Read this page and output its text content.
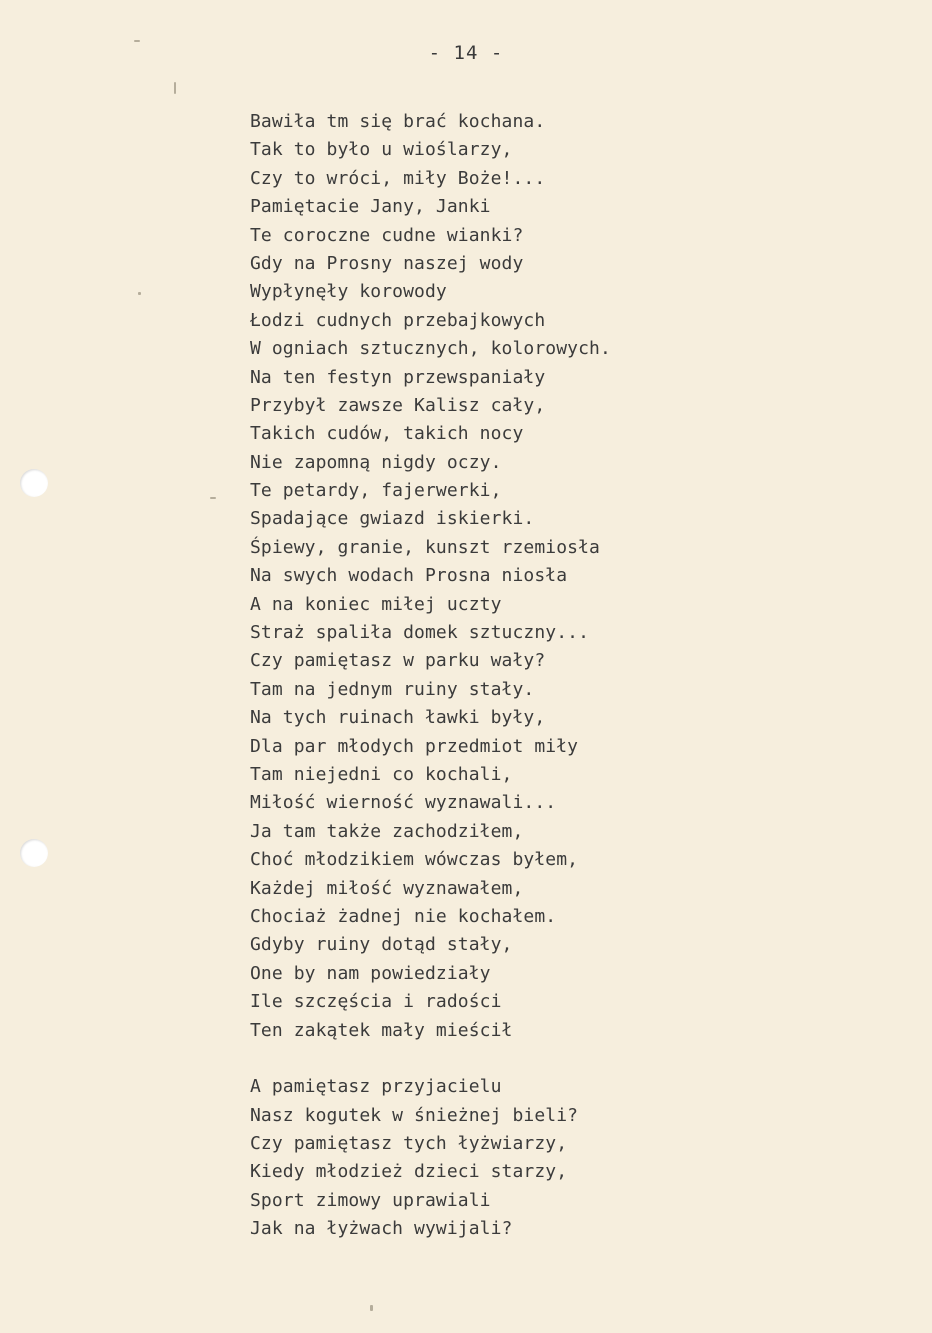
- 14 -
Bawiła tm się brać kochana.
Tak to było u wioślarzy,
Czy to wróci, miły Boże!...
Pamiętacie Jany, Janki
Te coroczne cudne wianki?
Gdy na Prosny naszej wody
Wypłynęły korowody
Łodzi cudnych przebajkowych
W ogniach sztucznych, kolorowych.
Na ten festyn przewspaniały
Przybył zawsze Kalisz cały,
Takich cudów, takich nocy
Nie zapomną nigdy oczy.
Te petardy, fajerwerki,
Spadające gwiazd iskierki.
Śpiewy, granie, kunszt rzemiosła
Na swych wodach Prosna niosła
A na koniec miłej uczty
Straż spaliła domek sztuczny...
Czy pamiętasz w parku wały?
Tam na jednym ruiny stały.
Na tych ruinach ławki były,
Dla par młodych przedmiot miły
Tam niejedni co kochali,
Miłość wierność wyznawali...
Ja tam także zachodziłem,
Choć młodzikiem wówczas byłem,
Każdej miłość wyznawałem,
Chociaż żadnej nie kochałem.
Gdyby ruiny dotąd stały,
One by nam powiedziały
Ile szczęścia i radości
Ten zakątek mały mieścił
A pamiętasz przyjacielu
Nasz kogutek w śnieżnej bieli?
Czy pamiętasz tych łyżwiarzy,
Kiedy młodzież dzieci starzy,
Sport zimowy uprawiali
Jak na łyżwach wywijali?
